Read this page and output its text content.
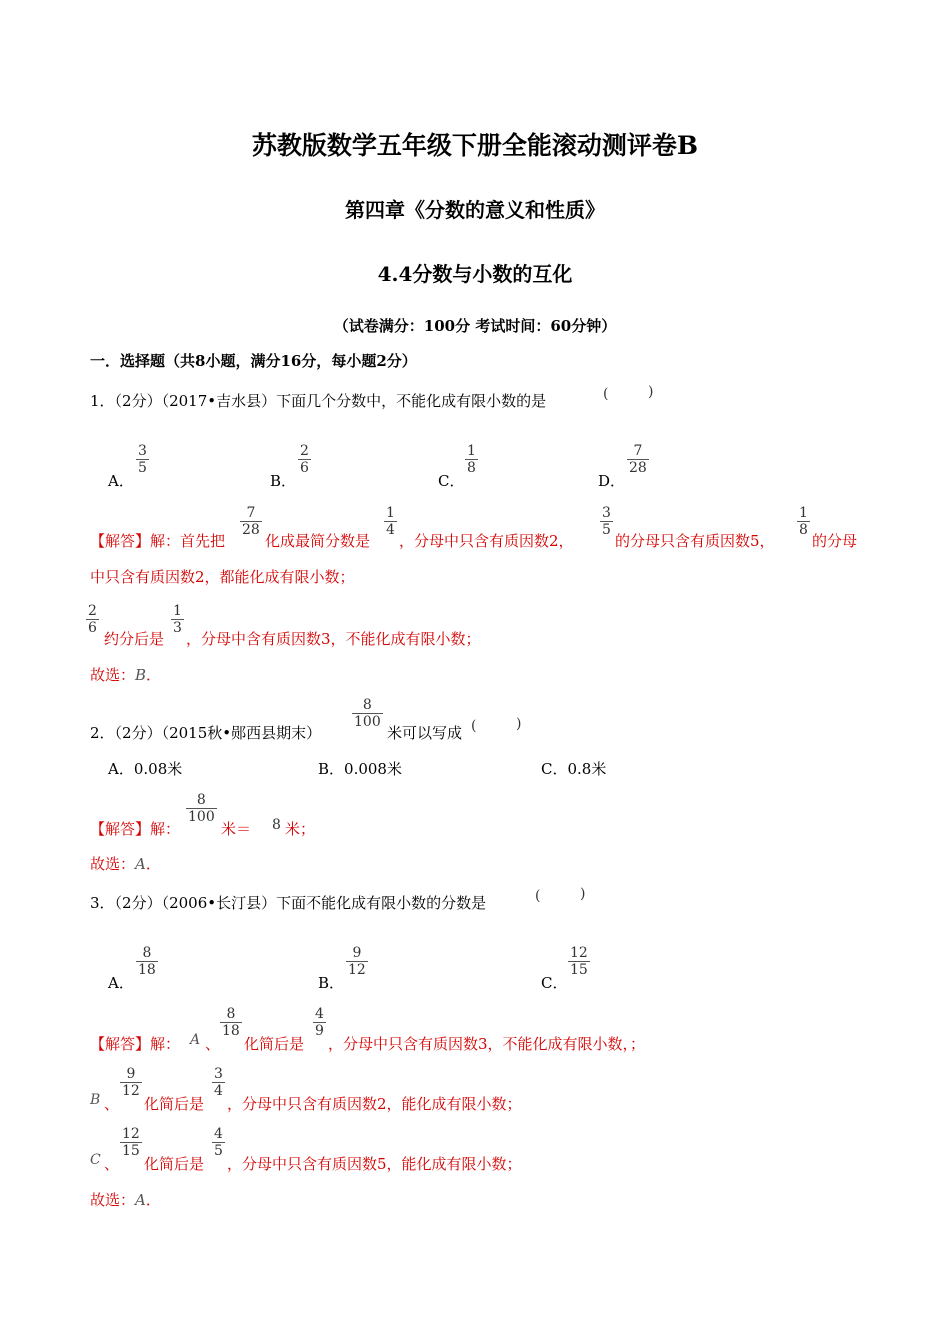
苏教版数学五年级下册全能滚动测评卷B
第四章《分数的意义和性质》
4.4分数与小数的互化
（试卷满分：100分 考试时间：60分钟）
一．选择题（共8小题，满分16分，每小题2分）
1．（2分）（2017•吉水县）下面几个分数中，不能化成有限小数的是	(	)
A．
$\frac{3}{5}$
B．
$\frac{2}{6}$
C．
$\frac{1}{8}$
D．
$\frac{7}{28}$
【解答】解：首先把
$\frac{7}{28}$
化成最简分数是
$\frac{1}{4}$
，分母中只含有质因数2，
$\frac{3}{5}$
的分母只含有质因数5，
$\frac{1}{8}$
的分母
中只含有质因数2，都能化成有限小数；
$\frac{2}{6}$
约分后是
$\frac{1}{3}$
，分母中含有质因数3，不能化成有限小数；
故选：B．
2．（2分）（2015秋•郧西县期末）
$\frac{8}{100}$
米可以写成 (	)
A．0.08米	B．0.008米	C．0.8米
【解答】解：
$\frac{8}{100}$
米＝ 8 米；
故选：A．
3．（2分）（2006•长汀县）下面不能化成有限小数的分数是	(	)
A．
$\frac{8}{18}$
B．
$\frac{9}{12}$
C．
$\frac{12}{15}$
【解答】解： A 、
$\frac{8}{18}$
化简后是
$\frac{4}{9}$
，分母中只含有质因数3，不能化成有限小数，；
B 、
$\frac{9}{12}$
化简后是
$\frac{3}{4}$
，分母中只含有质因数2，能化成有限小数；
C 、
$\frac{12}{15}$
化简后是
$\frac{4}{5}$
，分母中只含有质因数5，能化成有限小数；
故选：A．
